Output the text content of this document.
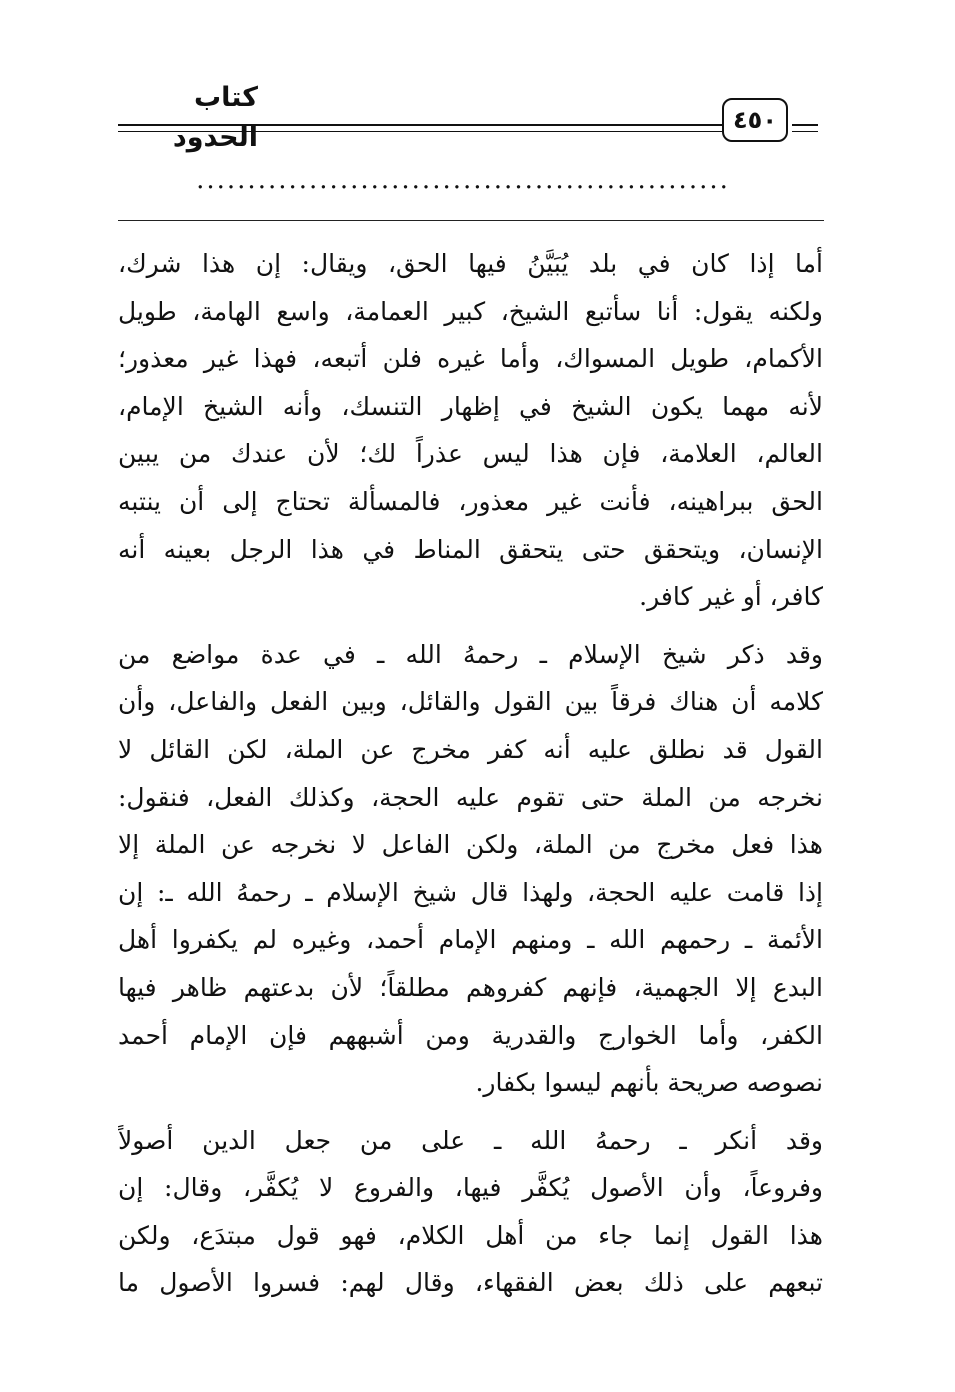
كتاب الحدود
٤٥٠
....................................................
أما إذا كان في بلد يُبَيَّنُ فيها الحق، ويقال: إن هذا شرك،
ولكنه يقول: أنا سأتبع الشيخ، كبير العمامة، واسع الهامة، طويل
الأكمام، طويل المسواك، وأما غيره فلن أتبعه، فهذا غير معذور؛
لأنه مهما يكون الشيخ في إظهار التنسك، وأنه الشيخ الإمام،
العالم، العلامة، فإن هذا ليس عذراً لك؛ لأن عندك من يبين
الحق ببراهينه، فأنت غير معذور، فالمسألة تحتاج إلى أن ينتبه
الإنسان، ويتحقق حتى يتحقق المناط في هذا الرجل بعينه أنه
كافر، أو غير كافر.
وقد ذكر شيخ الإسلام ـ رحمهُ الله ـ في عدة مواضع من
كلامه أن هناك فرقاً بين القول والقائل، وبين الفعل والفاعل، وأن
القول قد نطلق عليه أنه كفر مخرج عن الملة، لكن القائل لا
نخرجه من الملة حتى تقوم عليه الحجة، وكذلك الفعل، فنقول:
هذا فعل مخرج من الملة، ولكن الفاعل لا نخرجه عن الملة إلا
إذا قامت عليه الحجة، ولهذا قال شيخ الإسلام ـ رحمهُ الله ـ: إن
الأئمة ـ رحمهم الله ـ ومنهم الإمام أحمد، وغيره لم يكفروا أهل
البدع إلا الجهمية، فإنهم كفروهم مطلقاً؛ لأن بدعتهم ظاهر فيها
الكفر، وأما الخوارج والقدرية ومن أشبههم فإن الإمام أحمد
نصوصه صريحة بأنهم ليسوا بكفار.
وقد أنكر ـ رحمهُ الله ـ على من جعل الدين أصولاً
وفروعاً، وأن الأصول يُكفَّر فيها، والفروع لا يُكفَّر، وقال: إن
هذا القول إنما جاء من أهل الكلام، فهو قول مبتدَع، ولكن
تبعهم على ذلك بعض الفقهاء، وقال لهم: فسروا الأصول ما
